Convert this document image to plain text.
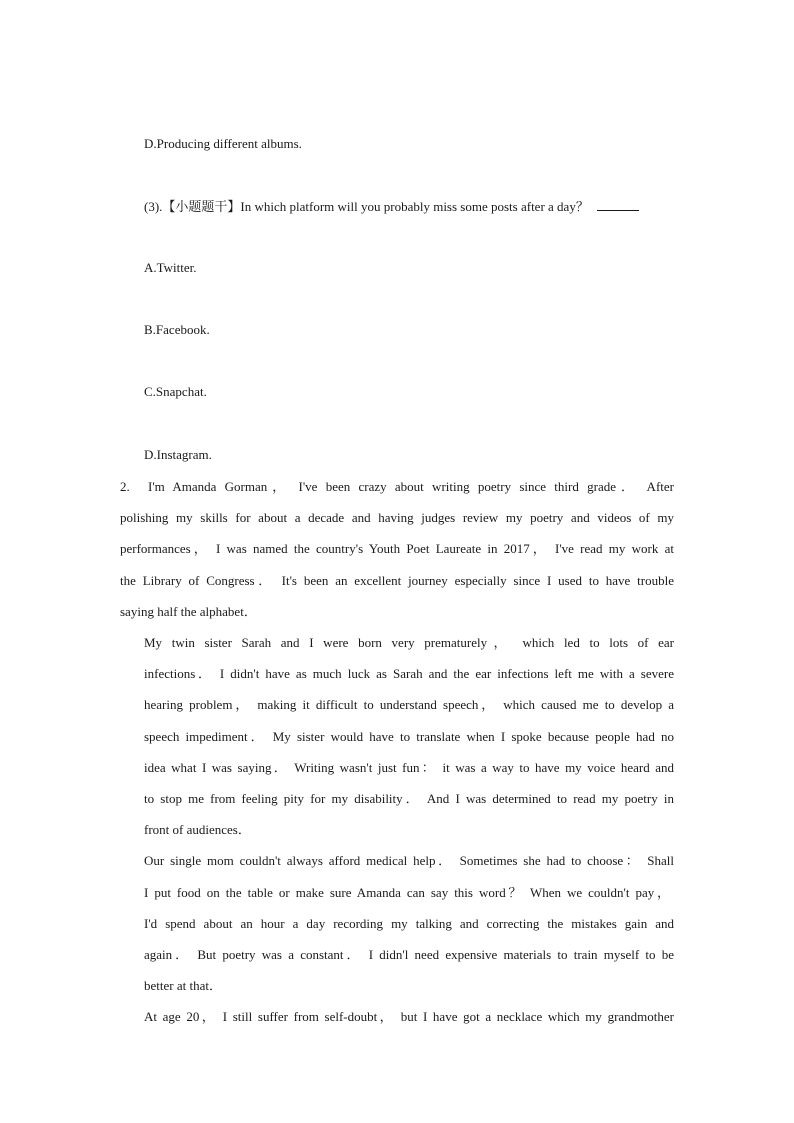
D.Producing different albums.
(3).【小题题干】In which platform will you probably miss some posts after a day？
A.Twitter.
B.Facebook.
C.Snapchat.
D.Instagram.
2. I'm Amanda Gorman， I've been crazy about writing poetry since third grade． After
polishing my skills for about a decade and having judges review my poetry and videos of my
performances， I was named the country's Youth Poet Laureate in 2017， I've read my work at
the Library of Congress． It's been an excellent journey especially since I used to have trouble
saying half the alphabet．
My twin sister Sarah and I were born very prematurely， which led to lots of ear
infections． I didn't have as much luck as Sarah and the ear infections left me with a severe
hearing problem， making it difficult to understand speech， which caused me to develop a
speech impediment． My sister would have to translate when I spoke because people had no
idea what I was saying． Writing wasn't just fun： it was a way to have my voice heard and
to stop me from feeling pity for my disability． And I was determined to read my poetry in
front of audiences．
Our single mom couldn't always afford medical help． Sometimes she had to choose： Shall
I put food on the table or make sure Amanda can say this word？ When we couldn't pay，
I'd spend about an hour a day recording my talking and correcting the mistakes gain and
again． But poetry was a constant． I didn'l need expensive materials to train myself to be
better at that．
At age 20， I still suffer from self-doubt， but I have got a necklace which my grandmother
